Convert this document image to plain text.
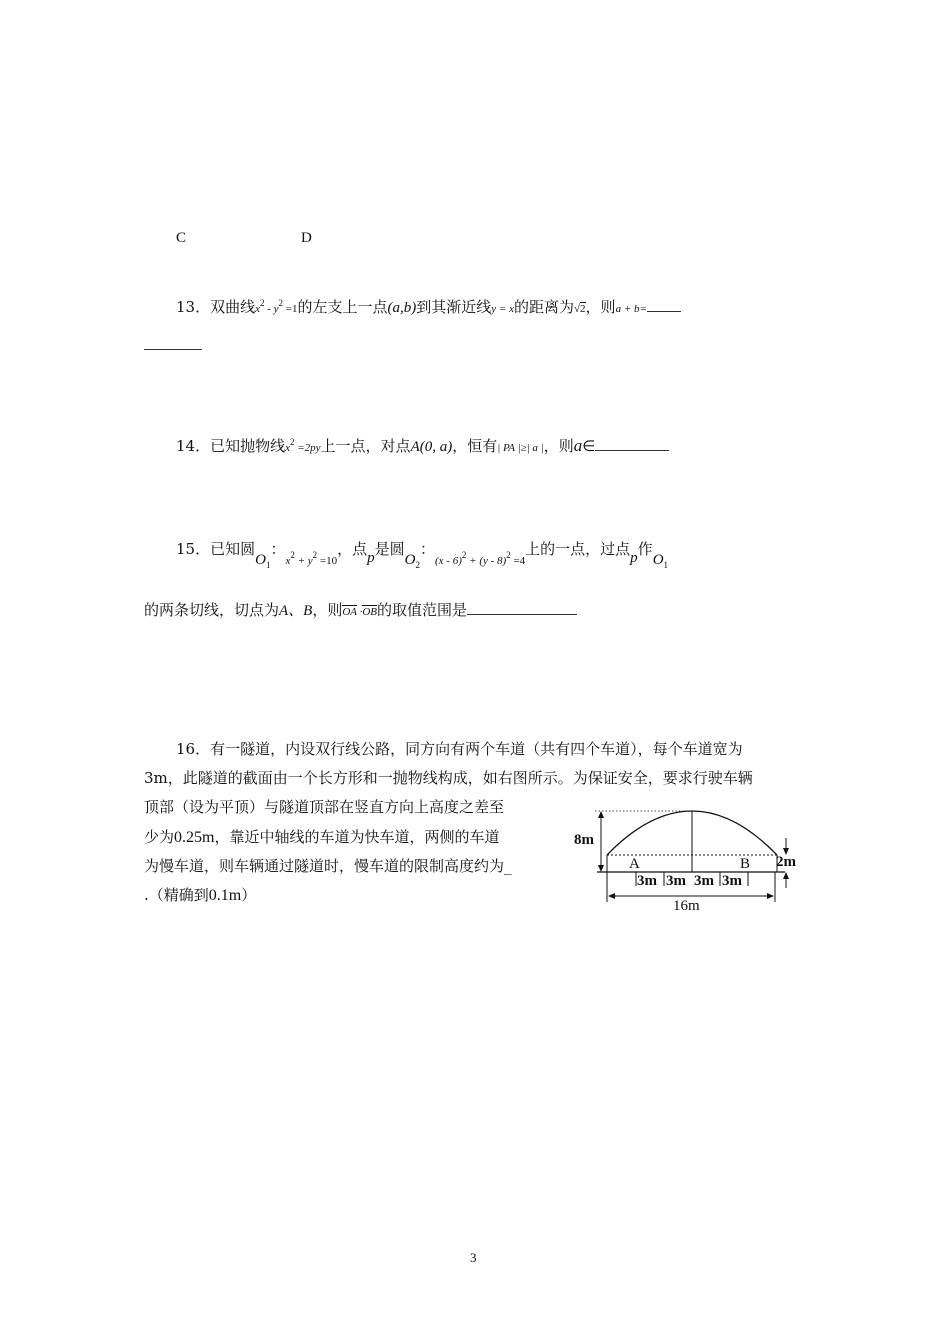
C	D
13．双曲线$x^2 - y^2 =1$的左支上一点(a,b)到其渐近线y = x的距离为√2，则a + b=
14．已知抛物线$x^2 =2py$上一点，对点A(0, a)，恒有| PA |≥| a |，则a∈
15．已知圆$O_1$：$x^2 + y^2 =10$，点p是圆$O_2$：(x - 6)$^2$ + (y - 8)$^2$ =4上的一点，过点p作$O_1$
的两条切线，切点为A、B，则OA ·OB的取值范围是
16．有一隧道，内设双行线公路，同方向有两个车道（共有四个车道），每个车道宽为
3m，此隧道的截面由一个长方形和一抛物线构成，如右图所示。为保证安全，要求行驶车辆
顶部（设为平顶）与隧道顶部在竖直方向上高度之差至
少为0.25m，靠近中轴线的车道为快车道，两侧的车道
为慢车道，则车辆通过隧道时，慢车道的限制高度约为_
.（精确到0.1m）
8m
2m
A	B
3m 3m 3m 3m
16m
3
